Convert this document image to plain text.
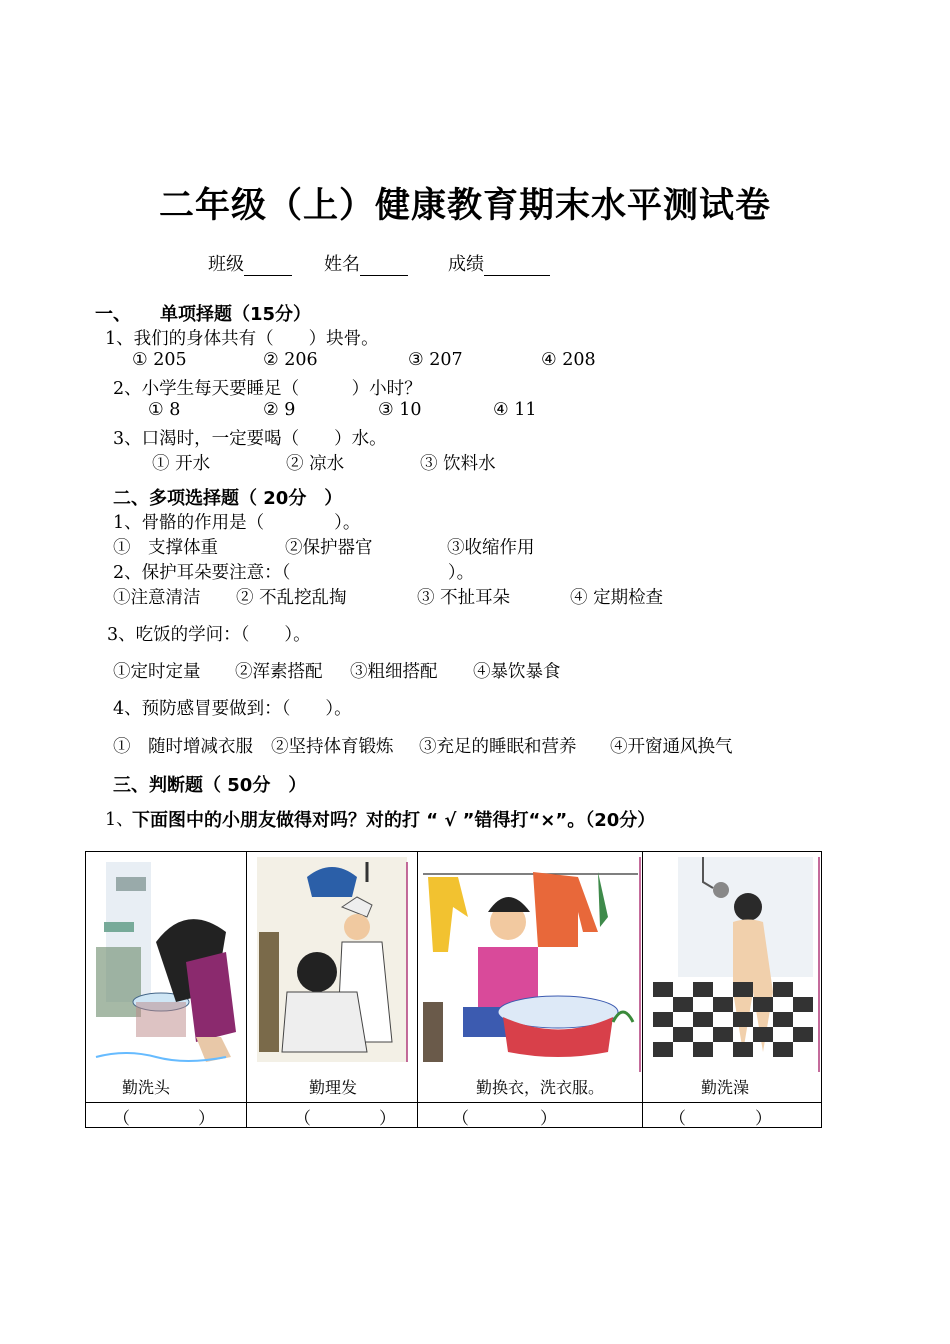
二年级（上）健康教育期末水平测试卷
班级	姓名	成绩
一、 单项择题（15分）
1、我们的身体共有（　　）块骨。
① 205	② 206	③ 207	④ 208
2、小学生每天要睡足（　　　）小时？
① 8	② 9	③ 10	④ 11
3、口渴时，一定要喝（　　）水。
① 开水	② 凉水	③ 饮料水
二、多项选择题（ 20分　）
1、骨骼的作用是（　　　　）。
①　支撑体重	②保护器官	③收缩作用
2、保护耳朵要注意：（　　　　　　　　　）。
①注意清洁 ② 不乱挖乱掏	③ 不扯耳朵	④ 定期检查
3、吃饭的学问：（　　）。
①定时定量 ②浑素搭配 ③粗细搭配 ④暴饮暴食
4、预防感冒要做到：（　　）。
①　随时增减衣服 ②坚持体育锻炼 ③充足的睡眠和营养 ④开窗通风换气
三、判断题（ 50分　）
1、
下面图中的小朋友做得对吗？对的打 “ √ ”错得打“×”。（20分）
勤洗头	勤理发	勤换衣，洗衣服。	勤洗澡

（ ）	（ ）	（ ）	（ ）
